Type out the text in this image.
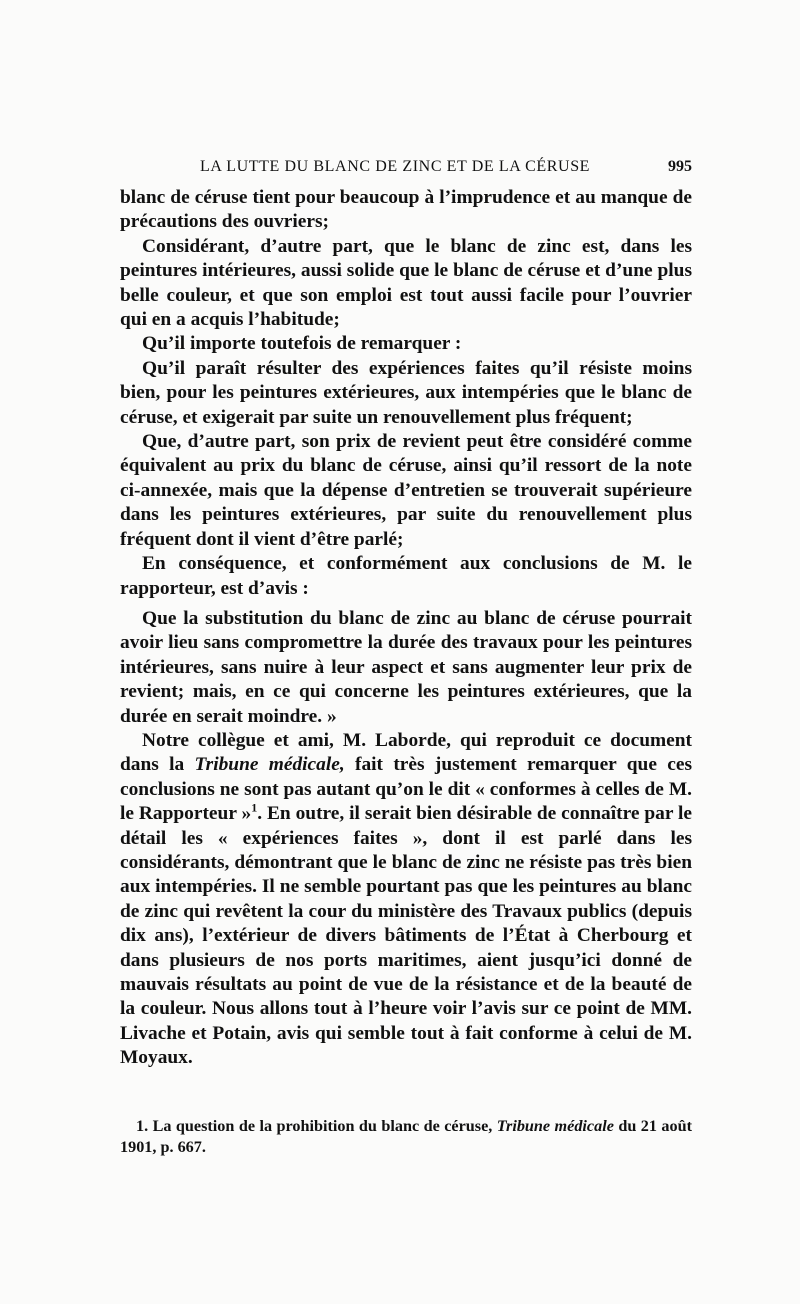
LA LUTTE DU BLANC DE ZINC ET DE LA CÉRUSE	995

blanc de céruse tient pour beaucoup à l’imprudence et au manque de précautions des ouvriers;

Considérant, d’autre part, que le blanc de zinc est, dans les peintures intérieures, aussi solide que le blanc de céruse et d’une plus belle couleur, et que son emploi est tout aussi facile pour l’ouvrier qui en a acquis l’habitude;

Qu’il importe toutefois de remarquer :

Qu’il paraît résulter des expériences faites qu’il résiste moins bien, pour les peintures extérieures, aux intempéries que le blanc de céruse, et exigerait par suite un renouvellement plus fréquent;

Que, d’autre part, son prix de revient peut être considéré comme équivalent au prix du blanc de céruse, ainsi qu’il ressort de la note ci-annexée, mais que la dépense d’entretien se trouverait supérieure dans les peintures extérieures, par suite du renouvellement plus fréquent dont il vient d’être parlé;

En conséquence, et conformément aux conclusions de M. le rapporteur, est d’avis :

Que la substitution du blanc de zinc au blanc de céruse pourrait avoir lieu sans compromettre la durée des travaux pour les peintures intérieures, sans nuire à leur aspect et sans augmenter leur prix de revient; mais, en ce qui concerne les peintures extérieures, que la durée en serait moindre. »

Notre collègue et ami, M. Laborde, qui reproduit ce document dans la Tribune médicale, fait très justement remarquer que ces conclusions ne sont pas autant qu’on le dit « conformes à celles de M. le Rapporteur »$^1$. En outre, il serait bien désirable de connaître par le détail les « expériences faites », dont il est parlé dans les considérants, démontrant que le blanc de zinc ne résiste pas très bien aux intempéries. Il ne semble pourtant pas que les peintures au blanc de zinc qui revêtent la cour du ministère des Travaux publics (depuis dix ans), l’extérieur de divers bâtiments de l’État à Cherbourg et dans plusieurs de nos ports maritimes, aient jusqu’ici donné de mauvais résultats au point de vue de la résistance et de la beauté de la couleur. Nous allons tout à l’heure voir l’avis sur ce point de MM. Livache et Potain, avis qui semble tout à fait conforme à celui de M. Moyaux.

1. La question de la prohibition du blanc de céruse, Tribune médicale du 21 août 1901, p. 667.
